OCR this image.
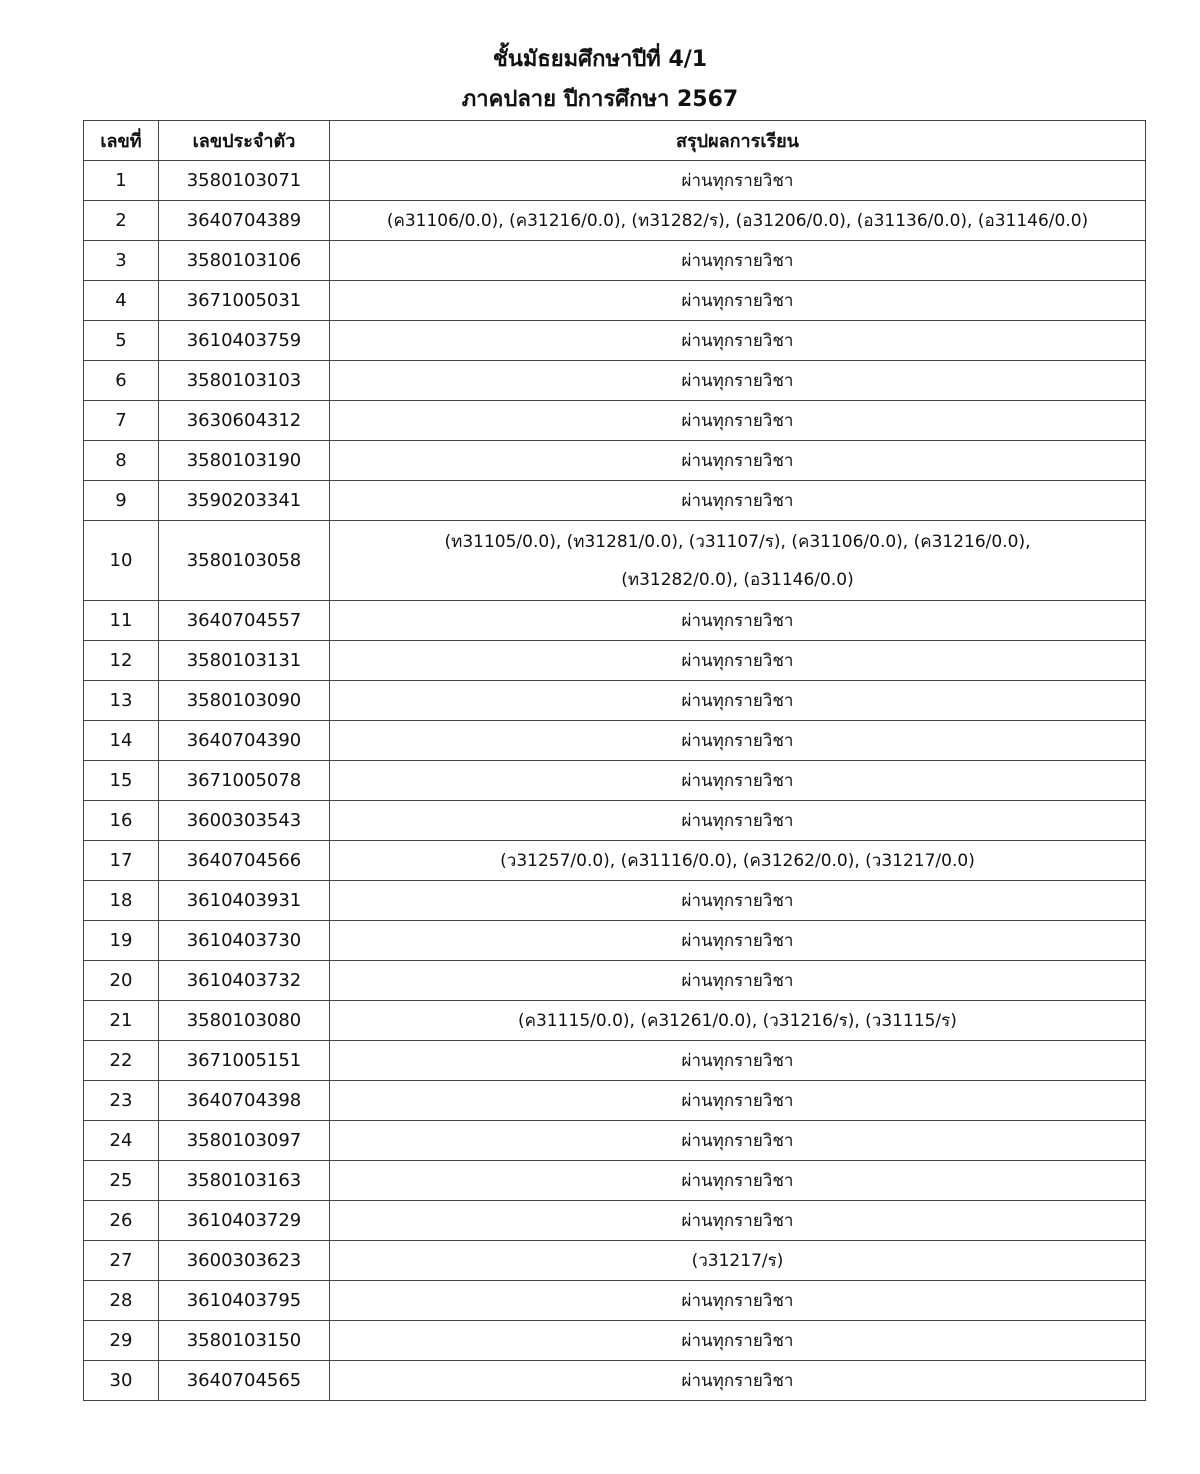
ชั้นมัธยมศึกษาปีที่ 4/1
ภาคปลาย ปีการศึกษา 2567
เลขที่	เลขประจำตัว	สรุปผลการเรียน
1	3580103071	ผ่านทุกรายวิชา
2	3640704389	(ค31106/0.0), (ค31216/0.0), (ท31282/ร), (อ31206/0.0), (อ31136/0.0), (อ31146/0.0)
3	3580103106	ผ่านทุกรายวิชา
4	3671005031	ผ่านทุกรายวิชา
5	3610403759	ผ่านทุกรายวิชา
6	3580103103	ผ่านทุกรายวิชา
7	3630604312	ผ่านทุกรายวิชา
8	3580103190	ผ่านทุกรายวิชา
9	3590203341	ผ่านทุกรายวิชา
10	3580103058	(ท31105/0.0), (ท31281/0.0), (ว31107/ร), (ค31106/0.0), (ค31216/0.0),
(ท31282/0.0), (อ31146/0.0)
11	3640704557	ผ่านทุกรายวิชา
12	3580103131	ผ่านทุกรายวิชา
13	3580103090	ผ่านทุกรายวิชา
14	3640704390	ผ่านทุกรายวิชา
15	3671005078	ผ่านทุกรายวิชา
16	3600303543	ผ่านทุกรายวิชา
17	3640704566	(ว31257/0.0), (ค31116/0.0), (ค31262/0.0), (ว31217/0.0)
18	3610403931	ผ่านทุกรายวิชา
19	3610403730	ผ่านทุกรายวิชา
20	3610403732	ผ่านทุกรายวิชา
21	3580103080	(ค31115/0.0), (ค31261/0.0), (ว31216/ร), (ว31115/ร)
22	3671005151	ผ่านทุกรายวิชา
23	3640704398	ผ่านทุกรายวิชา
24	3580103097	ผ่านทุกรายวิชา
25	3580103163	ผ่านทุกรายวิชา
26	3610403729	ผ่านทุกรายวิชา
27	3600303623	(ว31217/ร)
28	3610403795	ผ่านทุกรายวิชา
29	3580103150	ผ่านทุกรายวิชา
30	3640704565	ผ่านทุกรายวิชา
